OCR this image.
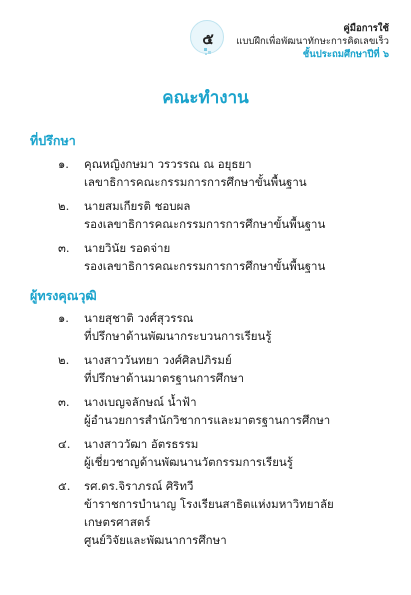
๕
คู่มือการใช้
แบบฝึกเพื่อพัฒนาทักษะการคิดเลขเร็ว
ชั้นประถมศึกษาปีที่ ๖
คณะทำงาน
ที่ปรึกษา
๑.	คุณหญิงกษมา วรวรรณ ณ อยุธยา
เลขาธิการคณะกรรมการการศึกษาขั้นพื้นฐาน
๒.	นายสมเกียรติ ชอบผล
รองเลขาธิการคณะกรรมการการศึกษาขั้นพื้นฐาน
๓.	นายวินัย รอดจ่าย
รองเลขาธิการคณะกรรมการการศึกษาขั้นพื้นฐาน
ผู้ทรงคุณวุฒิ
๑.	นายสุชาติ วงศ์สุวรรณ
ที่ปรึกษาด้านพัฒนากระบวนการเรียนรู้
๒.	นางสาววันทยา วงศ์ศิลปภิรมย์
ที่ปรึกษาด้านมาตรฐานการศึกษา
๓.	นางเบญจลักษณ์ น้ำฟ้า
ผู้อำนวยการสำนักวิชาการและมาตรฐานการศึกษา
๔.	นางสาววัฒา อัตรธรรม
ผู้เชี่ยวชาญด้านพัฒนานวัตกรรมการเรียนรู้
๕.	รศ.ดร.จิราภรณ์ ศิริทวี
ข้าราชการบำนาญ โรงเรียนสาธิตแห่งมหาวิทยาลัยเกษตรศาสตร์
ศูนย์วิจัยและพัฒนาการศึกษา
